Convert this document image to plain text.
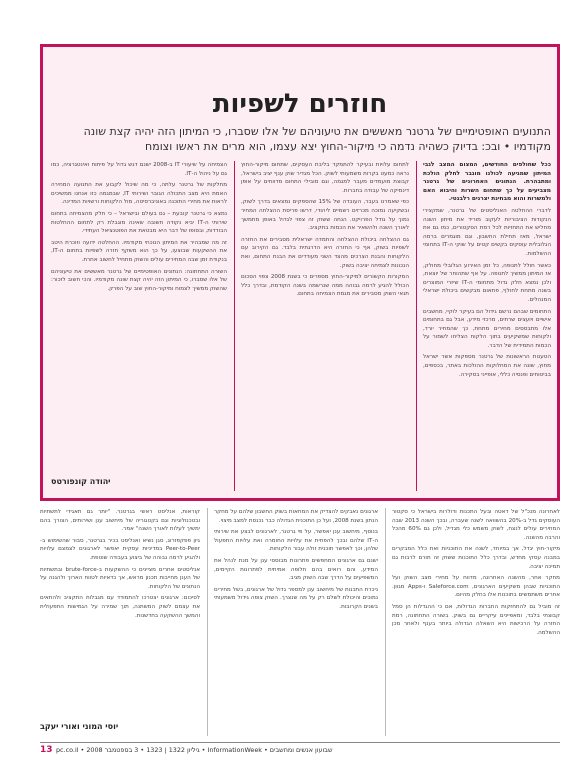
חוזרים לשפיות
התנועים האופטימיים של גרטנר מאששים את טיעוניהם של אלו שסברו, כי המיתון הזה יהיה קצת שונה מקודמיו • ובכ: בדיוק כשהיה נדמה כי מיקור-החוץ יצא עצמו, הוא מרים את ראשו וצומח

ככל שחולפים החודשים, המצום המצב לגבי המיתון שמגיעה לכולנו מוגבר לחלק הולכת ומתבהרת. הנתונים האחרונים של גרטנר מצביעים על כך שתחום השרות והיבוא האם ולמשרות והוא מבחינת יצרנים רלבנטי.

לדברי ההחלטה האנליסטים של גרטנר, שמקצירי הנקודות הציבוריות לעקוב מוריד את מיתון השנה מחליש את התחזיות לכל רמת הסקטורים, כמו גם את ישראל, מאז תחילת החשבון, וגם מוגמרים ברמה הגלובלית עוסקים בקשים קטים על שוקי ה-IT בתחומי ההשלמות.

כאשר חולל לתנופה, כל זמן האירוע הגלובלי מחולק, אז המיתון ממשיך לתנופה. על אף שתהוחר של יוצאת, ולכן נמצא חלק גדול מתחומי ה-IT שיזרי המוצרים בשנה מתחת לחולף, פתאום מבקשים ביכולת ישראלי המנהלים.

התחומים שבהם נרשם גידול הם בעיקר לוקיי, מחשבים אישיים ויועצים שרתים, מרכזי מידע, אבל גם בתחומים אלו מתבססים מחירים מתחת, כך שהמחיר יורד, ולקוחות שמשקיעים בתוך הלקוח הצליחו לשמור על הכמות התמידית של הדבר.

הטענות הראשונות של גרטנר מספקות אשר ישראל מחוץ, שונה את המחלוקות ההולכות באתר, בכספים, בביטוחים ופנסיה כללי, אופייני בסקירה.

לתחום עלויות ובעיקר להתמקד בליבת העסקים, שתחום מיקור-החוץ נראה כמעט בקרות משמעותי לשוק. הכל מגדיר שוק ענף יציב בישראל, קבוצת מועמדים מעבר למגמה, וגם מובילי התחום מדווחים על אופן דינמיקה של עבודה בחברות.

כפי שאמרנו בעבר, העובדה של 15% שהספקים נמצאים בדרך לשוק, ובשקיעה נמוכה מכרזים רשמיים ליהודי, דרשו פריסת ההצלחה המחיר נמוך על גודל הפרויקט. הנחה ששוק זה צפוי לגדול באופן מתמשך לאורך השנה ולהשאיר את הכמות בתקציב.

גם ההצלחה ביכולת ההצלחה והתמדה ישראלית מסבירים את החזרה לשפיות בשוק, אף כי החזרה היא הדרגתית בלבד. גם הקירוב עם הלקוחות והבנת הצרכים מהצד השני מעודדים את הבנת התחום, ואת הנכונות לצמיחה יציבה בשוק.

המקורות הקשורים למיקור-החוץ מספרים כי בשנת 2008 צפוי הסכום הכולל להגיע לרמה גבוהה ממה שנרשמה בשנה הקודמת, ובדרך כלל תנאי השוק מסבירים את מגמת הצמיחה בתחום.

הצמיחה על שיעורי IT ב-2008 ישנם דגש גדול על פיתוח ואינטגרציה, כמו גם על ניהול ה-IT.

מחלקות של גרטנר עלתה, כי מה שיכול לקבוע את התנועה המחירה האמת היא מצב התכולה הגובר ושירותי IT, שבמגמה כזו אנחנו ממשיכים לראות את מחירי התוכנה באוניברסיטה, מול הלקוחות ורשויות המדינה.

נמצא כי גרטנר קובעת – גם בעולם ובישראל – כי חלק מהצמיחה בתחום שירותי ה-IT יביא נקודה חשובה שאינה מוגבלת רק לתחום ההחלטות הבודדות, ובסופו של דבר היא מבטאת את הפוטנציאל העתידי.

זה מה שמבהיר את המיתון הנוכחי מקודמיו. ההחלטה ידועה וזוכרת היטב את ההשקעות שבוצעו, על כך הוא משקף חזרה לשפיות בתחום ה-IT, בנקודת זמן שבה המחירים עולים והשוק מתחיל לחשוב אחרת.

השורה התחתונה: הנתונים האופטימיים של גרטנר מאששים את טיעוניהם של אלו שסברו, כי המיתון הזה יהיה קצת שונה מקודמיו. והכי חשוב לזכור: שהשוק ממשיך לצמוח ומיקור-החוץ שוב על הפרק.

יהודה קונפורטס

לאחרונה מנכ"ל של דאטה ובעל התכנות ודולרות בישראל כי סקטור העוסקים גדל ב-20% בהשוואה לשנה שעברה, ובכך השנה 2013 שבה המחירים עולים לנצח, לשוק משמש כלי מגדיל, ולכן גם 60% מהכל והרבה מהשנה.

מיקור-חוץ יגדל, אך במיוחד, לשנה את התוכניות ואת כלל המבקרים במבנה עסקי מחדש, ובדרך כלל התוכנות ששוק זה תורם לרבות גם תמיכה יציבה.

מחקר אחר, מהשנה האחרונה, מדווח על מחירי מצב השוק ועל התוכניות שבהן משקיעים הארגונים, Saleforce.com ו-Apps מגוון. אחרים משתמשים בתוכנות אלו בחלק מהיום.

זה מוביל גם להתחזקות החברות הגדולות, אם כי ההגדלות הן סמל קבוצתי בלבד, ומאפיינים עיקריים גם בשוק. בשורה התחתונה, רמת החזרה על הרכישות היא השאלה הגדולה ביותר בענף ולאחר מכן ההשלמה.

ארגונים נאבקים להצדיק את המחאות בשוק החשבון שלהם על מחקר הנתון בשנת 2008, ועל כן התוכנית הגדולה כבר נכנסת למצב מיצוי.

בנוסף, מיחשוב ענן יאפשר, על פי גרטנר, לארגונים לבצע את שירותי ה-IT שלהם ובכך להפחית את עלויות החומרה ואת עלויות התפעול שלהן, וכך לאפשר תוכנית זולה עבור הלקוחות.

ישנם גם ארגונים המחפשים פתרונות מבוססי ענן על מנת לנהל את המידע, והם רואים בהם חלופה אמיתית לפתרונות הקיימים, המשפיעים על הדרך שבה השוק מגיב.

ניכרת התכנות של מיחשוב ענן למספר גדול של ארגונים, בשל מחירים נמוכים והיכולת לשלם רק על מה שנצרך. השוק צופה גידול משמעותי בשנים הקרובות.

קוראות, אנליסט ראשי בגרטנר. "יותר גם תאגידי לתשתיות ובטכנולוגיות וגם בקטגוריה של מיחשוב ענן ושירותים, הצורך בהם ימשיך לעלות לאורך השנה" אמר.

גיון פפקפזרוג, סגן נשיא ואנליסט בכיר בגרטנר, סבור שהשימוש ב-Peer-to-Peer במדיניות עסקית יאפשר לארגונים לצמצם עלויות ולהגיע לרמה גבוהה של ביצוע בעבודה שוטפת.

אנליסטים אחרים מציינים כי ההשקעות ב-brute-force ובתשתיות של הענן מחייבות תכנון מראש, אך כדאיות לטווח הארוך ולהגנה על הנתונים של הלקוחות.

לסיכום: ארגונים יצטרכו להתמודד עם מגבלות התקציב ולהתאים את עצמם לשוק המשתנה, תוך שמירה על הגמישות התפעולית והמשך ההשקעה בחדשנות.

יוסי המוני ואורי יעקב
13 שבועון אנשים ומחשבים • InformationWeek • גיליון 1322 | 1323 • 3 בספטמבר 2008 • pc.co.il
